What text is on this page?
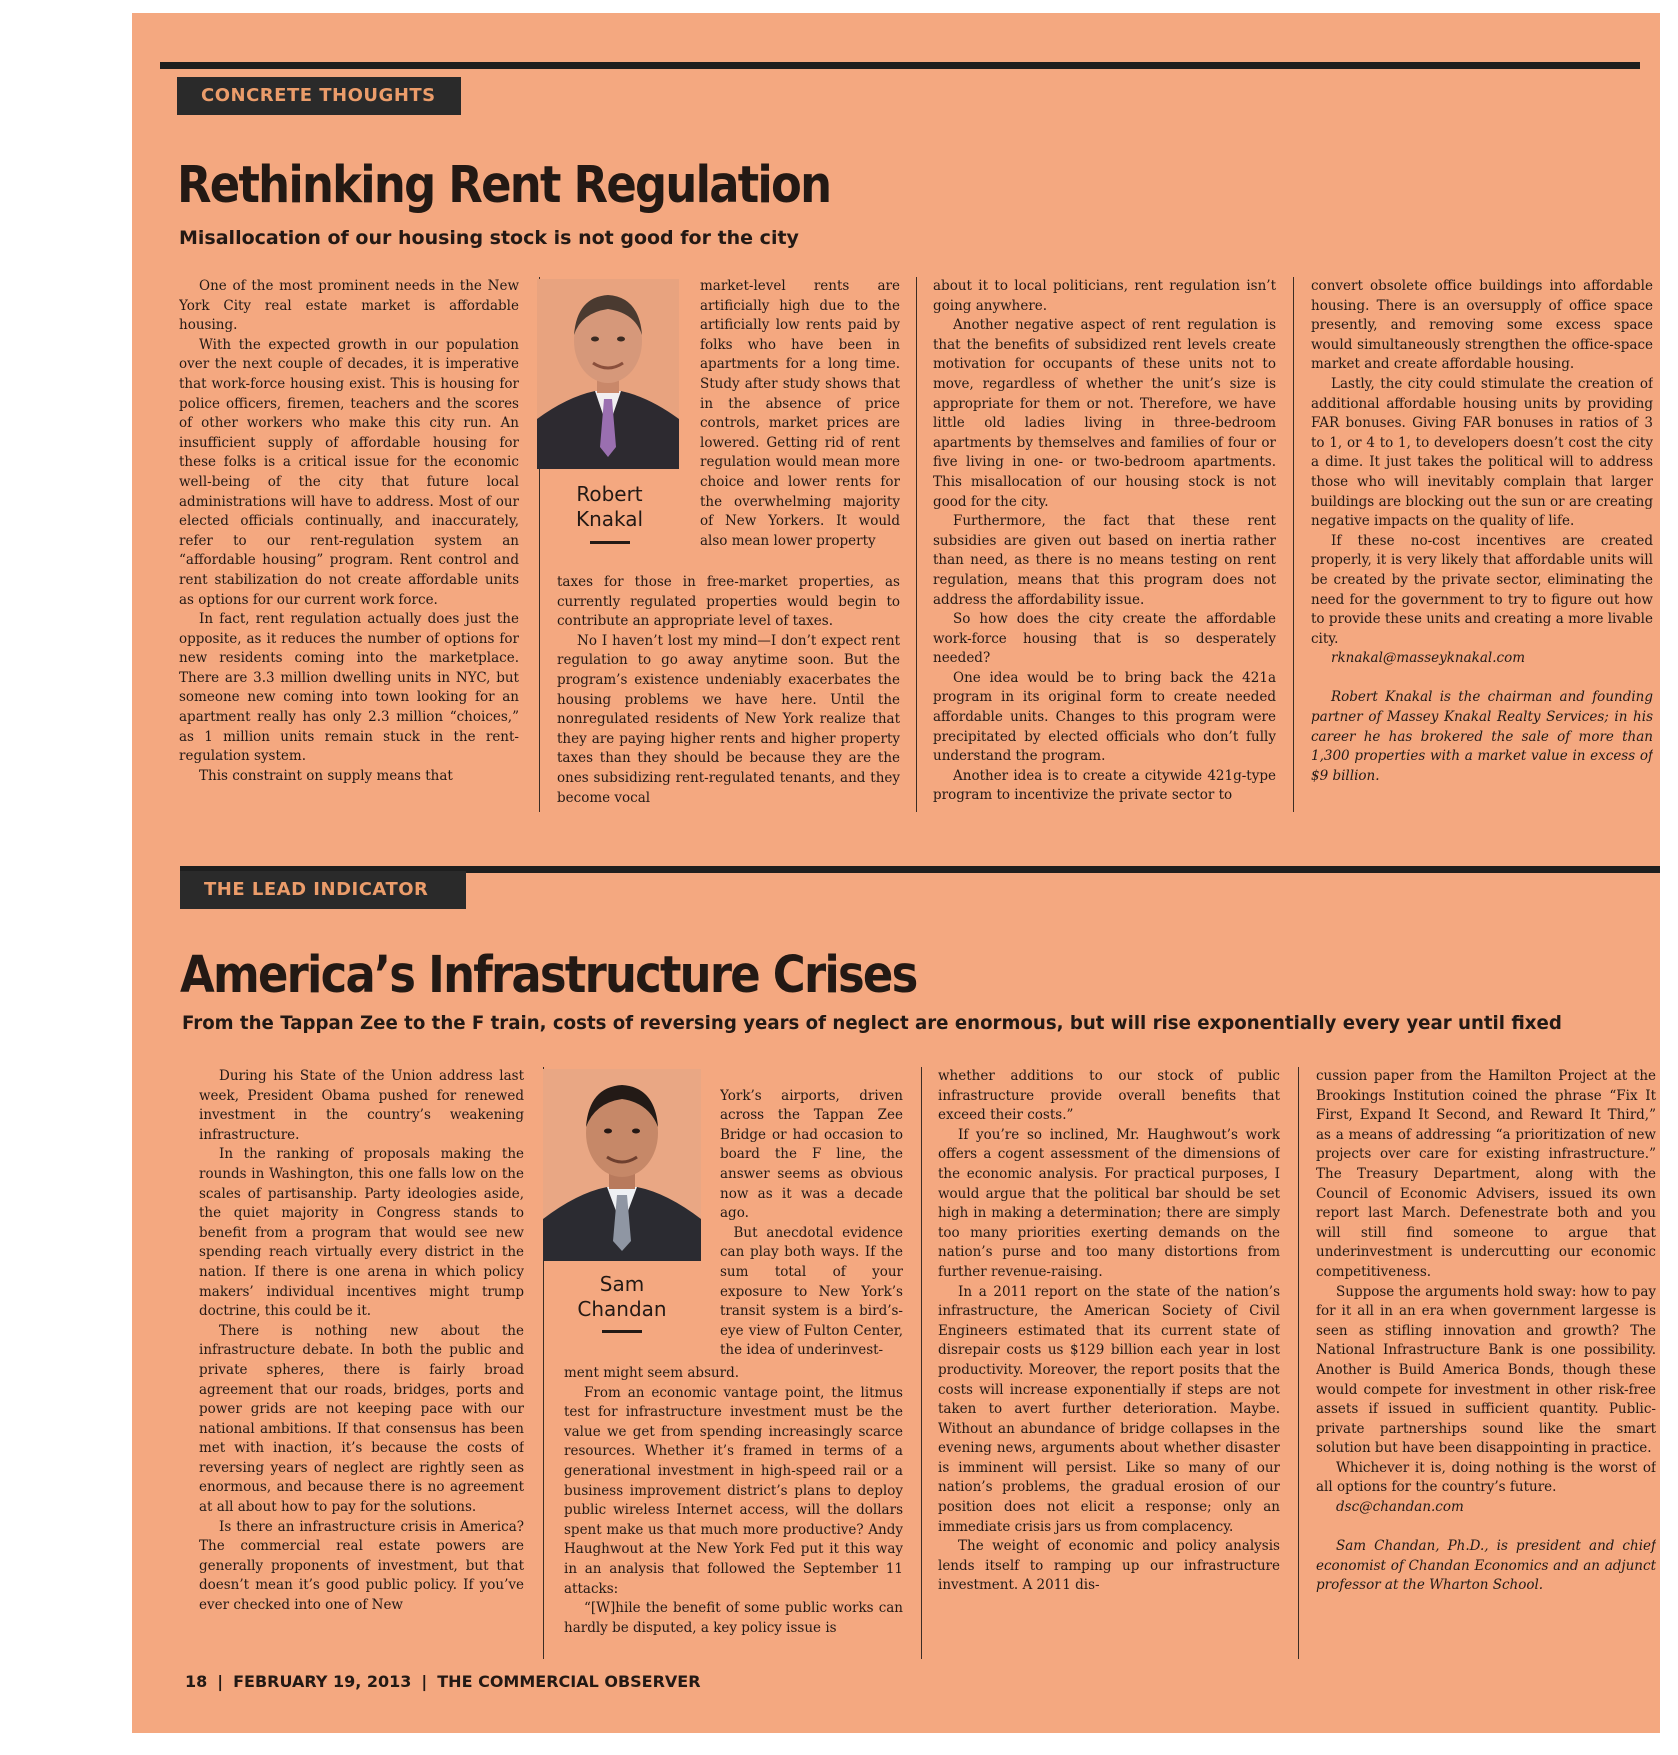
CONCRETE THOUGHTS
Rethinking Rent Regulation
Misallocation of our housing stock is not good for the city

One of the most prominent needs in the New York City real estate market is affordable housing.

With the expected growth in our population over the next couple of decades, it is imperative that work-force housing exist. This is housing for police officers, firemen, teachers and the scores of other workers who make this city run. An insufficient supply of affordable housing for these folks is a critical issue for the economic well-being of the city that future local administrations will have to address. Most of our elected officials continually, and inaccurately, refer to our rent-regulation system an “affordable housing” program. Rent control and rent stabilization do not create affordable units as options for our current work force.

In fact, rent regulation actually does just the opposite, as it reduces the number of options for new residents coming into the marketplace. There are 3.3 million dwelling units in NYC, but someone new coming into town looking for an apartment really has only 2.3 million “choices,” as 1 million units remain stuck in the rent-regulation system.

This constraint on supply means that

Robert
Knakal

market-level rents are artificially high due to the artificially low rents paid by folks who have been in apartments for a long time. Study after study shows that in the absence of price controls, market prices are lowered. Getting rid of rent regulation would mean more choice and lower rents for the overwhelming majority of New Yorkers. It would also mean lower property

taxes for those in free-market properties, as currently regulated properties would begin to contribute an appropriate level of taxes.

No I haven’t lost my mind—I don’t expect rent regulation to go away anytime soon. But the program’s existence undeniably exacerbates the housing problems we have here. Until the nonregulated residents of New York realize that they are paying higher rents and higher property taxes than they should be because they are the ones subsidizing rent-regulated tenants, and they become vocal

about it to local politicians, rent regulation isn’t going anywhere.

Another negative aspect of rent regulation is that the benefits of subsidized rent levels create motivation for occupants of these units not to move, regardless of whether the unit’s size is appropriate for them or not. Therefore, we have little old ladies living in three-bedroom apartments by themselves and families of four or five living in one- or two-bedroom apartments. This misallocation of our housing stock is not good for the city.

Furthermore, the fact that these rent subsidies are given out based on inertia rather than need, as there is no means testing on rent regulation, means that this program does not address the affordability issue.

So how does the city create the affordable work-force housing that is so desperately needed?

One idea would be to bring back the 421a program in its original form to create needed affordable units. Changes to this program were precipitated by elected officials who don’t fully understand the program.

Another idea is to create a citywide 421g-type program to incentivize the private sector to

convert obsolete office buildings into affordable housing. There is an oversupply of office space presently, and removing some excess space would simultaneously strengthen the office-space market and create affordable housing.

Lastly, the city could stimulate the creation of additional affordable housing units by providing FAR bonuses. Giving FAR bonuses in ratios of 3 to 1, or 4 to 1, to developers doesn’t cost the city a dime. It just takes the political will to address those who will inevitably complain that larger buildings are blocking out the sun or are creating negative impacts on the quality of life.

If these no-cost incentives are created properly, it is very likely that affordable units will be created by the private sector, eliminating the need for the government to try to figure out how to provide these units and creating a more livable city.

rknakal@masseyknakal.com

Robert Knakal is the chairman and founding partner of Massey Knakal Realty Services; in his career he has brokered the sale of more than 1,300 properties with a market value in excess of $9 billion.

THE LEAD INDICATOR
America’s Infrastructure Crises
From the Tappan Zee to the F train, costs of reversing years of neglect are enormous, but will rise exponentially every year until fixed

During his State of the Union address last week, President Obama pushed for renewed investment in the country’s weakening infrastructure.

In the ranking of proposals making the rounds in Washington, this one falls low on the scales of partisanship. Party ideologies aside, the quiet majority in Congress stands to benefit from a program that would see new spending reach virtually every district in the nation. If there is one arena in which policy makers’ individual incentives might trump doctrine, this could be it.

There is nothing new about the infrastructure debate. In both the public and private spheres, there is fairly broad agreement that our roads, bridges, ports and power grids are not keeping pace with our national ambitions. If that consensus has been met with inaction, it’s because the costs of reversing years of neglect are rightly seen as enormous, and because there is no agreement at all about how to pay for the solutions.

Is there an infrastructure crisis in America? The commercial real estate powers are generally proponents of investment, but that doesn’t mean it’s good public policy. If you’ve ever checked into one of New

Sam
Chandan

York’s airports, driven across the Tappan Zee Bridge or had occasion to board the F line, the answer seems as obvious now as it was a decade ago.
 But anecdotal evidence can play both ways. If the sum total of your exposure to New York’s transit system is a bird’s-eye view of Fulton Center, the idea of underinvest-

ment might seem absurd.

From an economic vantage point, the litmus test for infrastructure investment must be the value we get from spending increasingly scarce resources. Whether it’s framed in terms of a generational investment in high-speed rail or a business improvement district’s plans to deploy public wireless Internet access, will the dollars spent make us that much more productive? Andy Haughwout at the New York Fed put it this way in an analysis that followed the September 11 attacks:

“[W]hile the benefit of some public works can hardly be disputed, a key policy issue is

whether additions to our stock of public infrastructure provide overall benefits that exceed their costs.”

If you’re so inclined, Mr. Haughwout’s work offers a cogent assessment of the dimensions of the economic analysis. For practical purposes, I would argue that the political bar should be set high in making a determination; there are simply too many priorities exerting demands on the nation’s purse and too many distortions from further revenue-raising.

In a 2011 report on the state of the nation’s infrastructure, the American Society of Civil Engineers estimated that its current state of disrepair costs us $129 billion each year in lost productivity. Moreover, the report posits that the costs will increase exponentially if steps are not taken to avert further deterioration. Maybe. Without an abundance of bridge collapses in the evening news, arguments about whether disaster is imminent will persist. Like so many of our nation’s problems, the gradual erosion of our position does not elicit a response; only an immediate crisis jars us from complacency.

The weight of economic and policy analysis lends itself to ramping up our infrastructure investment. A 2011 dis-

cussion paper from the Hamilton Project at the Brookings Institution coined the phrase “Fix It First, Expand It Second, and Reward It Third,” as a means of addressing “a prioritization of new projects over care for existing infrastructure.” The Treasury Department, along with the Council of Economic Advisers, issued its own report last March. Defenestrate both and you will still find someone to argue that underinvestment is undercutting our economic competitiveness.

Suppose the arguments hold sway: how to pay for it all in an era when government largesse is seen as stifling innovation and growth? The National Infrastructure Bank is one possibility. Another is Build America Bonds, though these would compete for investment in other risk-free assets if issued in sufficient quantity. Public-private partnerships sound like the smart solution but have been disappointing in practice.

Whichever it is, doing nothing is the worst of all options for the country’s future.

dsc@chandan.com

Sam Chandan, Ph.D., is president and chief economist of Chandan Economics and an adjunct professor at the Wharton School.

18 | FEBRUARY 19, 2013 | THE COMMERCIAL OBSERVER
